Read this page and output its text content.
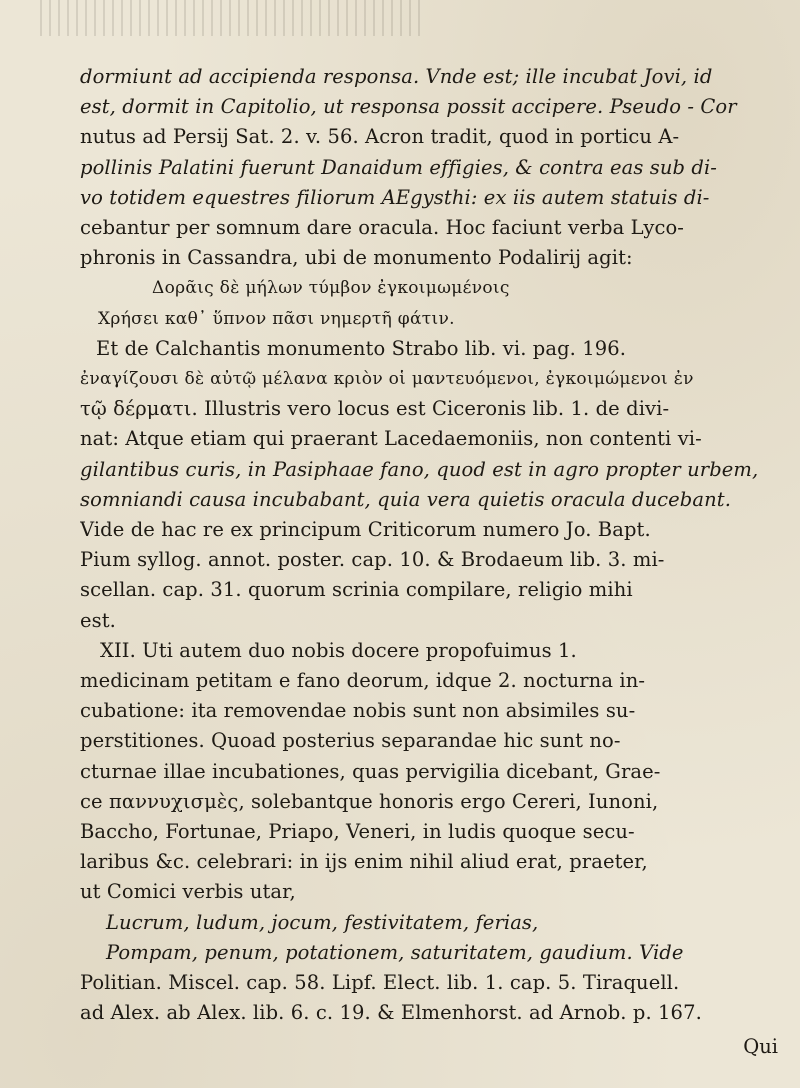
dormiunt ad accipienda responsa. Vnde est; ille incubat Jovi, id
est, dormit in Capitolio, ut responsa possit accipere. Pseudo - Cor
nutus ad Persij Sat. 2. v. 56. Acron tradit, quod in porticu A-
pollinis Palatini fuerunt Danaidum effigies, & contra eas sub di-
vo totidem equestres filiorum AEgysthi: ex iis autem statuis di-
cebantur per somnum dare oracula. Hoc faciunt verba Lyco-
phronis in Cassandra, ubi de monumento Podalirij agit:
Δορᾶις δὲ μήλων τύμβον ἐγκοιμωμένοις
Χρήσει καθ᾽ ὕπνον πᾶσι νημερτῆ φάτιν.
Et de Calchantis monumento Strabo lib. vi. pag. 196.
ἐναγίζουσι δὲ αὐτῷ μέλανα κριὸν οἱ μαντευόμενοι, ἐγκοιμώμενοι ἐν
τῷ δέρματι. Illustris vero locus est Ciceronis lib. 1. de divi-
nat: Atque etiam qui praerant Lacedaemoniis, non contenti vi-
gilantibus curis, in Pasiphaae fano, quod est in agro propter urbem,
somniandi causa incubabant, quia vera quietis oracula ducebant.
Vide de hac re ex principum Criticorum numero Jo. Bapt.
Pium syllog. annot. poster. cap. 10. & Brodaeum lib. 3. mi-
scellan. cap. 31. quorum scrinia compilare, religio mihi
est.
XII. Uti autem duo nobis docere propofuimus 1.
medicinam petitam e fano deorum, idque 2. nocturna in-
cubatione: ita removendae nobis sunt non absimiles su-
perstitiones. Quoad posterius separandae hic sunt no-
cturnae illae incubationes, quas pervigilia dicebant, Grae-
ce παννυχισμὲς, solebantque honoris ergo Cereri, Iunoni,
Baccho, Fortunae, Priapo, Veneri, in ludis quoque secu-
laribus &c. celebrari: in ijs enim nihil aliud erat, praeter,
ut Comici verbis utar,
Lucrum, ludum, jocum, festivitatem, ferias,
Pompam, penum, potationem, saturitatem, gaudium. Vide
Politian. Miscel. cap. 58. Lipf. Elect. lib. 1. cap. 5. Tiraquell.
ad Alex. ab Alex. lib. 6. c. 19. & Elmenhorst. ad Arnob. p. 167.
Qui
